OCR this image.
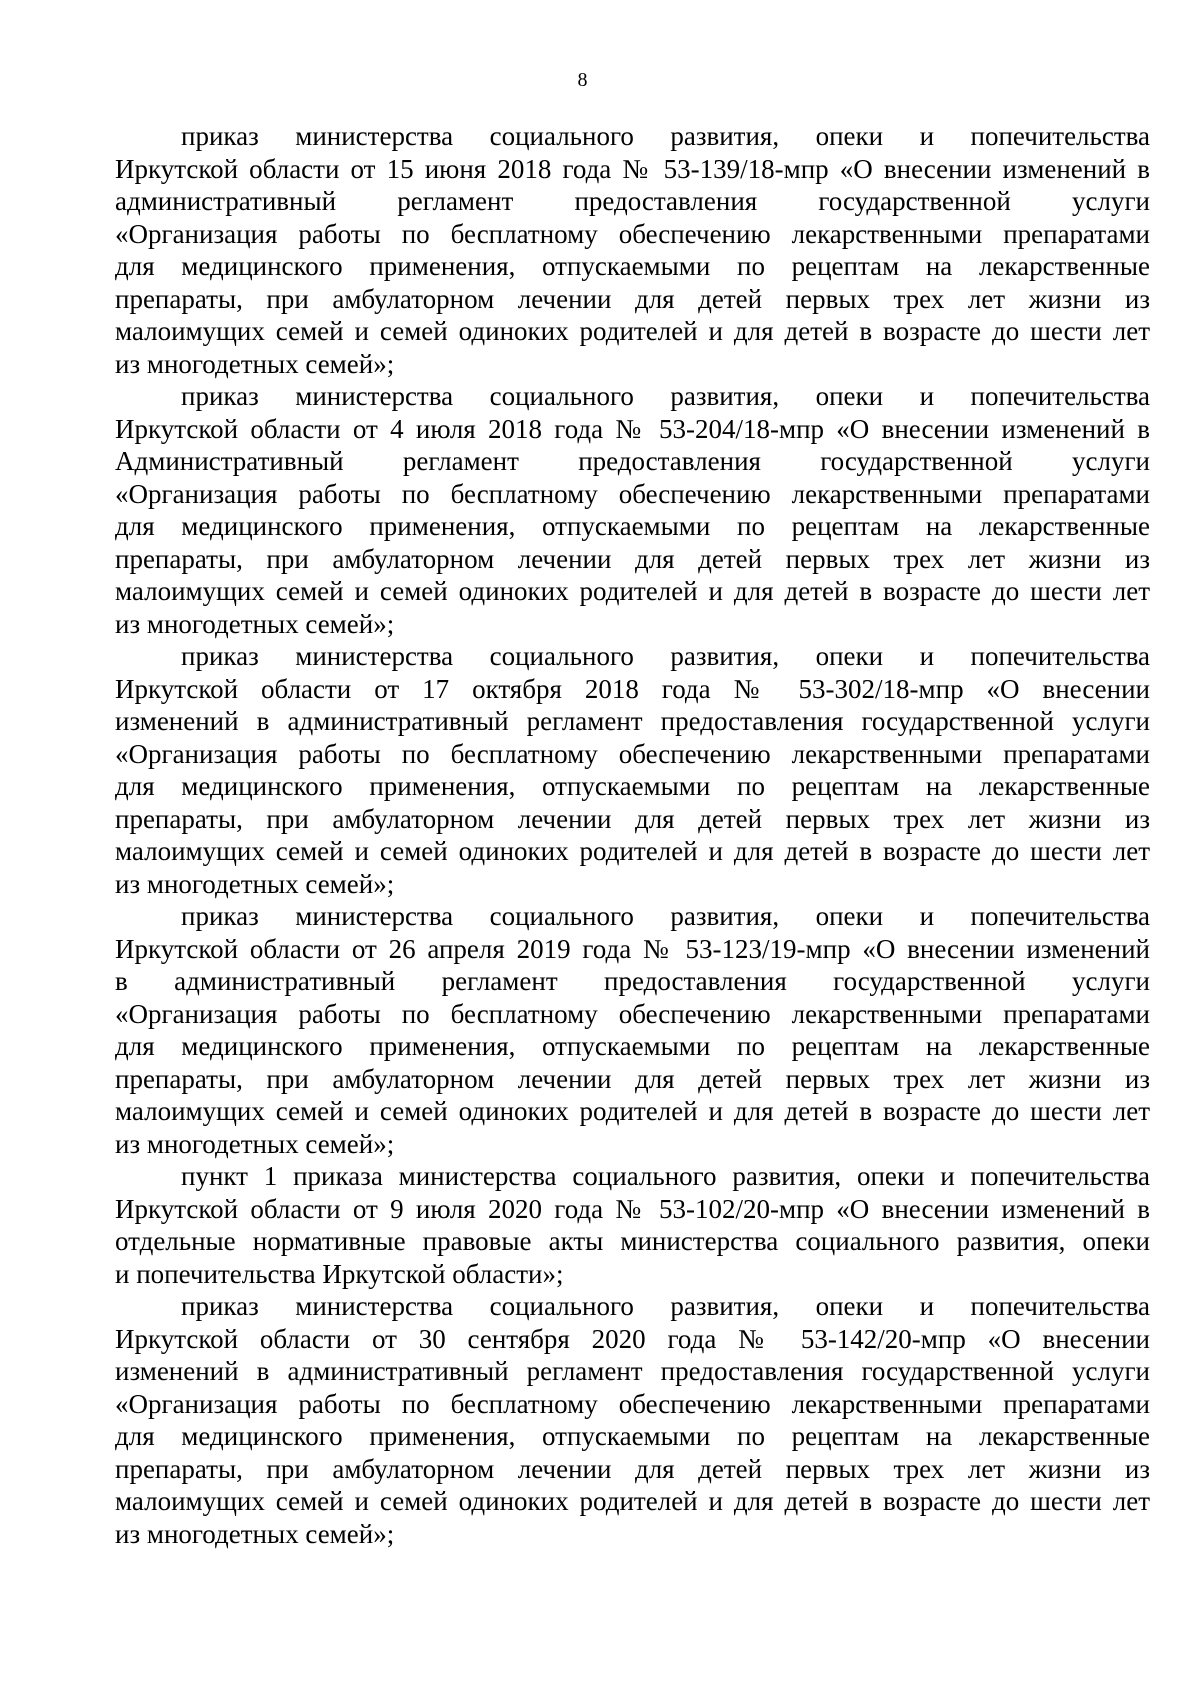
8

приказ министерства социального развития, опеки и попечительства
Иркутской области от 15 июня 2018 года № 53-139/18-мпр «О внесении изменений в
административный регламент предоставления государственной услуги
«Организация работы по бесплатному обеспечению лекарственными препаратами
для медицинского применения, отпускаемыми по рецептам на лекарственные
препараты, при амбулаторном лечении для детей первых трех лет жизни из
малоимущих семей и семей одиноких родителей и для детей в возрасте до шести лет
из многодетных семей»;

приказ министерства социального развития, опеки и попечительства
Иркутской области от 4 июля 2018 года № 53-204/18-мпр «О внесении изменений в
Административный регламент предоставления государственной услуги
«Организация работы по бесплатному обеспечению лекарственными препаратами
для медицинского применения, отпускаемыми по рецептам на лекарственные
препараты, при амбулаторном лечении для детей первых трех лет жизни из
малоимущих семей и семей одиноких родителей и для детей в возрасте до шести лет
из многодетных семей»;

приказ министерства социального развития, опеки и попечительства
Иркутской области от 17 октября 2018 года № 53-302/18-мпр «О внесении
изменений в административный регламент предоставления государственной услуги
«Организация работы по бесплатному обеспечению лекарственными препаратами
для медицинского применения, отпускаемыми по рецептам на лекарственные
препараты, при амбулаторном лечении для детей первых трех лет жизни из
малоимущих семей и семей одиноких родителей и для детей в возрасте до шести лет
из многодетных семей»;

приказ министерства социального развития, опеки и попечительства
Иркутской области от 26 апреля 2019 года № 53-123/19-мпр «О внесении изменений
в административный регламент предоставления государственной услуги
«Организация работы по бесплатному обеспечению лекарственными препаратами
для медицинского применения, отпускаемыми по рецептам на лекарственные
препараты, при амбулаторном лечении для детей первых трех лет жизни из
малоимущих семей и семей одиноких родителей и для детей в возрасте до шести лет
из многодетных семей»;

пункт 1 приказа министерства социального развития, опеки и попечительства
Иркутской области от 9 июля 2020 года № 53-102/20-мпр «О внесении изменений в
отдельные нормативные правовые акты министерства социального развития, опеки
и попечительства Иркутской области»;

приказ министерства социального развития, опеки и попечительства
Иркутской области от 30 сентября 2020 года № 53-142/20-мпр «О внесении
изменений в административный регламент предоставления государственной услуги
«Организация работы по бесплатному обеспечению лекарственными препаратами
для медицинского применения, отпускаемыми по рецептам на лекарственные
препараты, при амбулаторном лечении для детей первых трех лет жизни из
малоимущих семей и семей одиноких родителей и для детей в возрасте до шести лет
из многодетных семей»;
